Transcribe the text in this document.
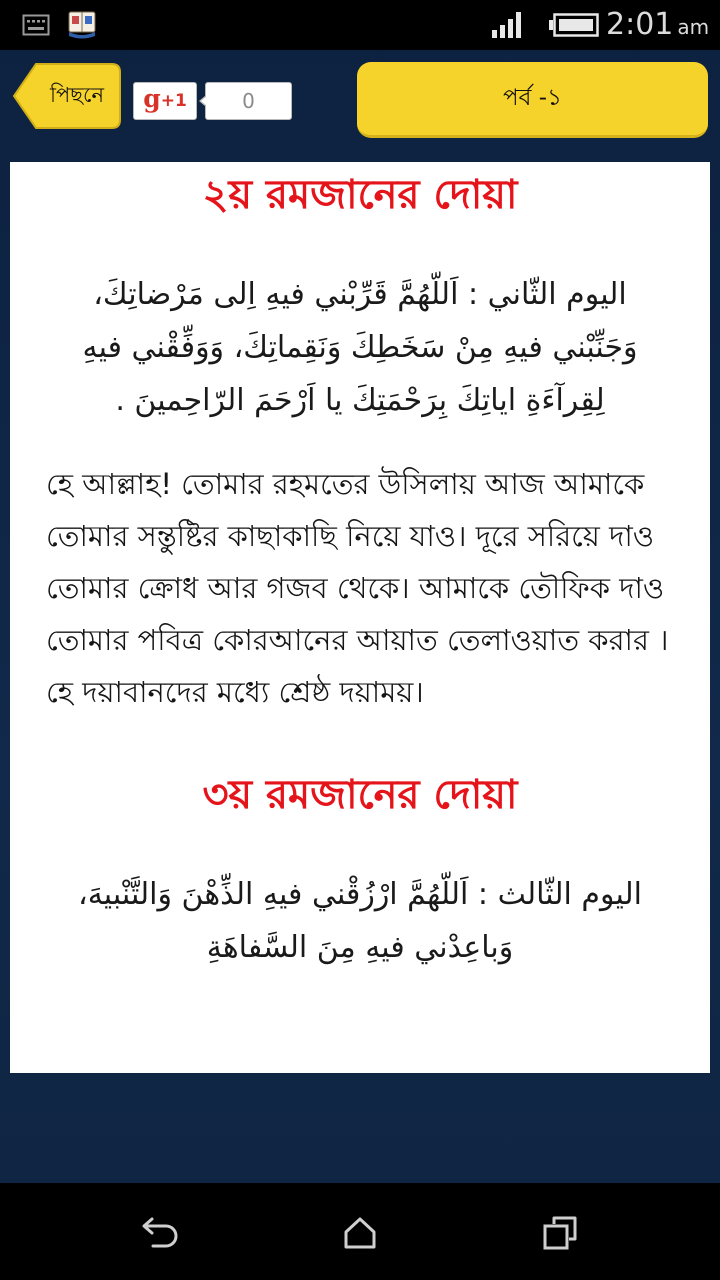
2:01 am
পিছনে	g +1	0	পর্ব -১
২য় রমজানের দোয়া

اليوم الثّاني : اَللّهُمَّ قَرِّبْني فيهِ اِلى مَرْضاتِكَ، وَجَنِّبْني فيهِ مِنْ سَخَطِكَ وَنَقِماتِكَ، وَوَفِّقْني فيهِ لِقِرآءَةِ اياتِكَ بِرَحْمَتِكَ يا اَرْحَمَ الرّاحِمينَ .

হে আল্লাহ! তোমার রহমতের উসিলায় আজ আমাকে তোমার সন্তুষ্টির কাছাকাছি নিয়ে যাও। দূরে সরিয়ে দাও তোমার ক্রোধ আর গজব থেকে। আমাকে তৌফিক দাও তোমার পবিত্র কোরআনের আয়াত তেলাওয়াত করার । হে দয়াবানদের মধ্যে শ্রেষ্ঠ দয়াময়।

৩য় রমজানের দোয়া

اليوم الثّالث : اَللّهُمَّ ارْزُقْني فيهِ الذِّهْنَ وَالتَّنْبيهَ، وَباعِدْني فيهِ مِنَ السَّفاهَةِ
